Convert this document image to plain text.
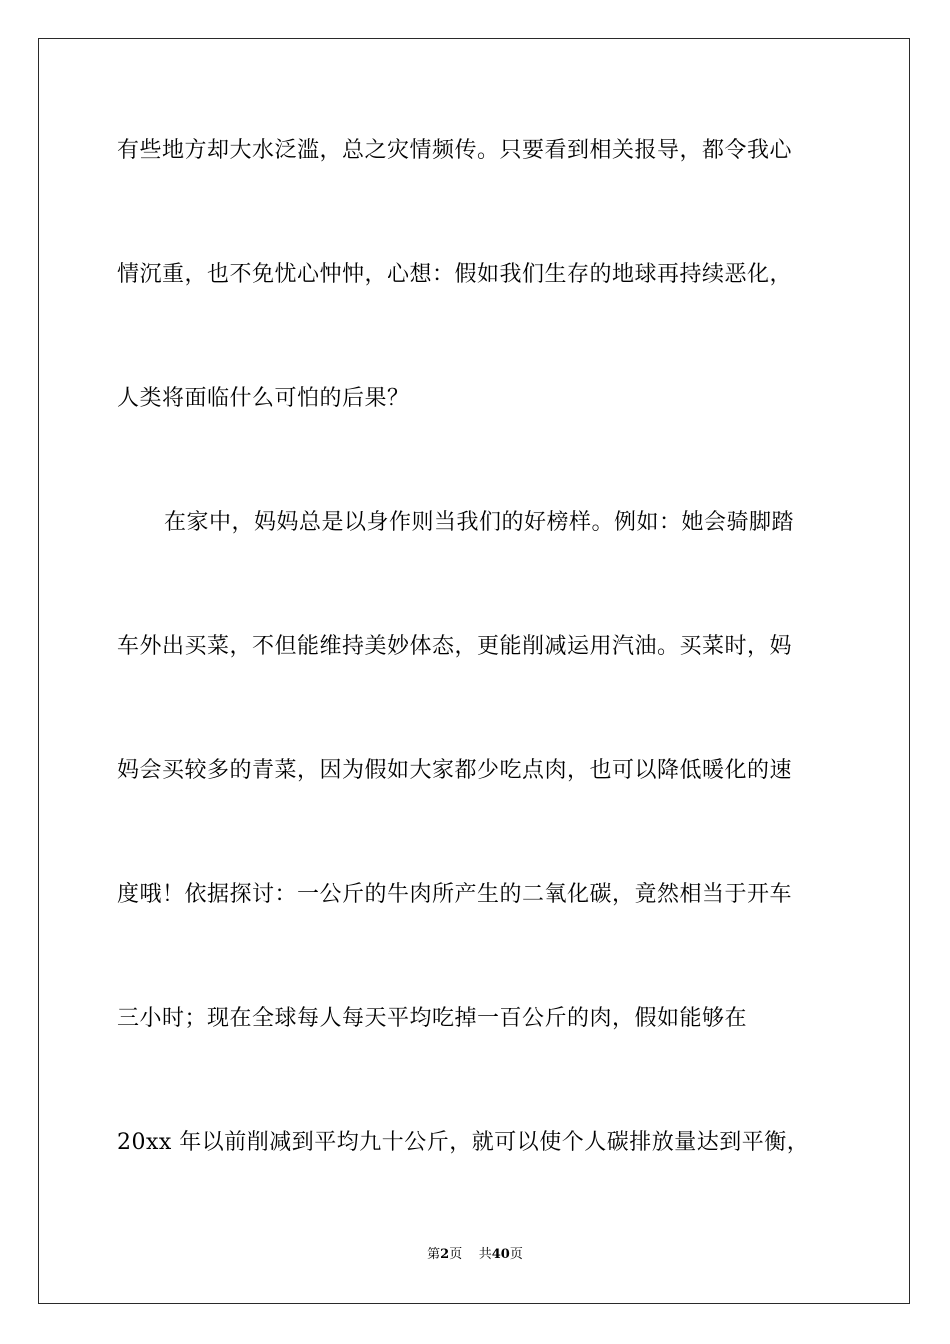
有些地方却大水泛滥，总之灾情频传。只要看到相关报导，都令我心
情沉重，也不免忧心忡忡，心想：假如我们生存的地球再持续恶化，
人类将面临什么可怕的后果？
在家中，妈妈总是以身作则当我们的好榜样。例如：她会骑脚踏
车外出买菜，不但能维持美妙体态，更能削减运用汽油。买菜时，妈
妈会买较多的青菜，因为假如大家都少吃点肉，也可以降低暖化的速
度哦！依据探讨：一公斤的牛肉所产生的二氧化碳，竟然相当于开车
三小时；现在全球每人每天平均吃掉一百公斤的肉，假如能够在
20xx 年以前削减到平均九十公斤，就可以使个人碳排放量达到平衡，
第2页 共40页
